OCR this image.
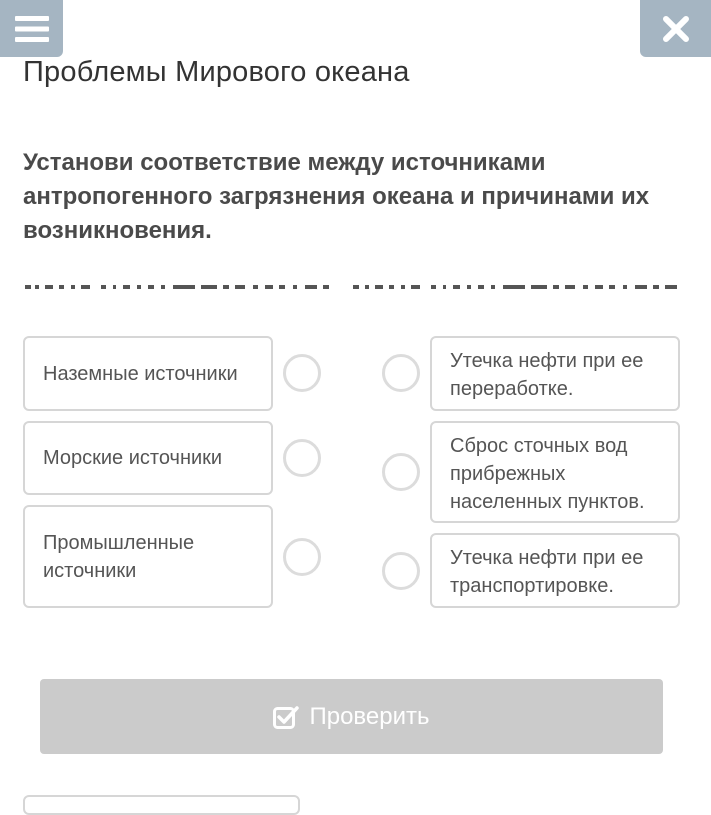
Проблемы Мирового океана

Установи соответствие между источниками антропогенного загрязнения океана и причинами их возникновения.

Наземные источники
Морские источники
Промышленные источники
Утечка нефти при ее переработке.
Сброс сточных вод прибрежных населенных пунктов.
Утечка нефти при ее транспортировке.
Проверить
